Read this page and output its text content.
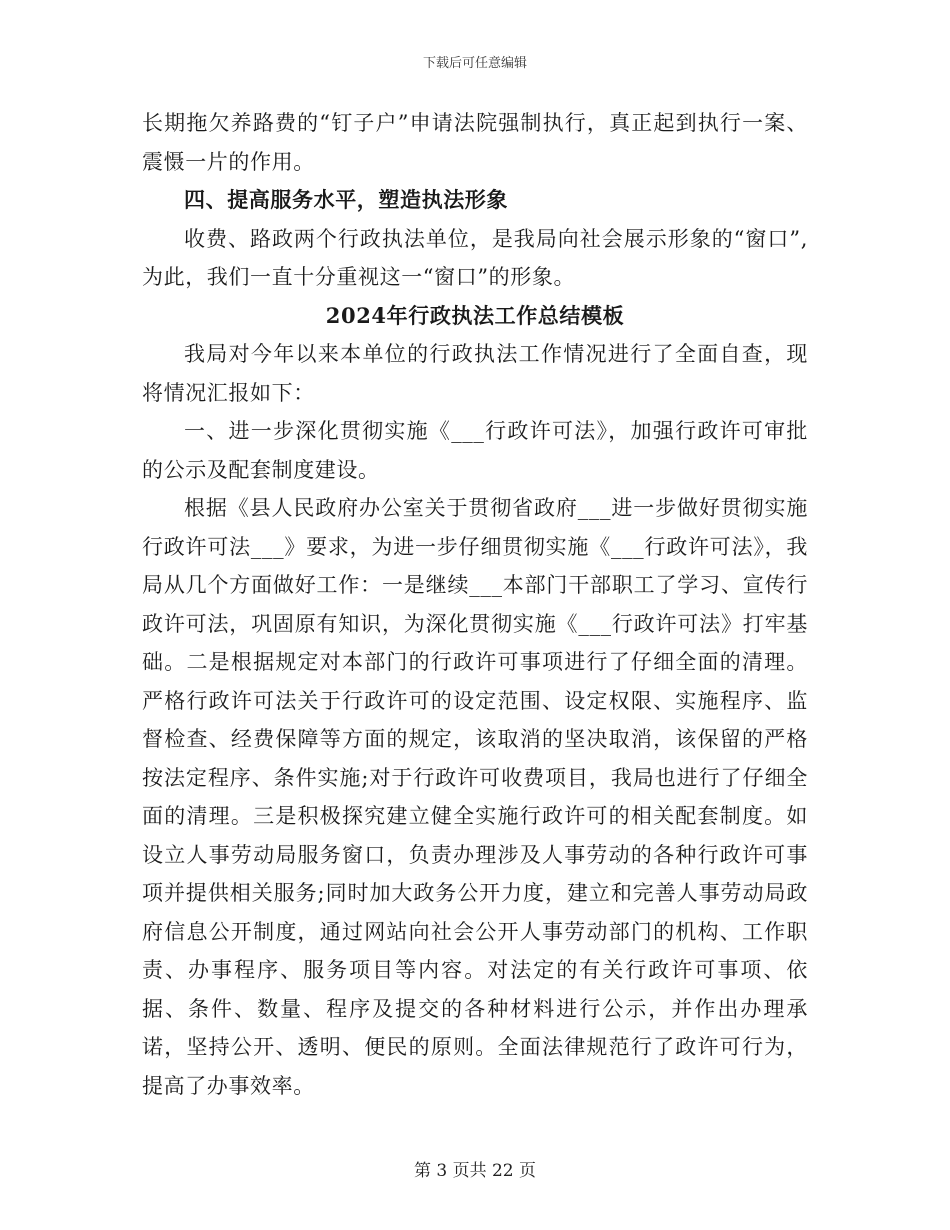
下载后可任意编辑

长期拖欠养路费的“钉子户”申请法院强制执行，真正起到执行一案、震慑一片的作用。

四、提高服务水平，塑造执法形象

收费、路政两个行政执法单位，是我局向社会展示形象的“窗口”,为此，我们一直十分重视这一“窗口”的形象。

2024年行政执法工作总结模板

我局对今年以来本单位的行政执法工作情况进行了全面自查，现将情况汇报如下：

一、进一步深化贯彻实施《___行政许可法》，加强行政许可审批的公示及配套制度建设。

根据《县人民政府办公室关于贯彻省政府___进一步做好贯彻实施行政许可法___》要求，为进一步仔细贯彻实施《___行政许可法》，我局从几个方面做好工作：一是继续___本部门干部职工了学习、宣传行政许可法，巩固原有知识，为深化贯彻实施《___行政许可法》打牢基础。二是根据规定对本部门的行政许可事项进行了仔细全面的清理。严格行政许可法关于行政许可的设定范围、设定权限、实施程序、监督检查、经费保障等方面的规定，该取消的坚决取消，该保留的严格按法定程序、条件实施;对于行政许可收费项目，我局也进行了仔细全面的清理。三是积极探究建立健全实施行政许可的相关配套制度。如设立人事劳动局服务窗口，负责办理涉及人事劳动的各种行政许可事项并提供相关服务;同时加大政务公开力度，建立和完善人事劳动局政府信息公开制度，通过网站向社会公开人事劳动部门的机构、工作职责、办事程序、服务项目等内容。对法定的有关行政许可事项、依据、条件、数量、程序及提交的各种材料进行公示，并作出办理承诺，坚持公开、透明、便民的原则。全面法律规范行了政许可行为，提高了办事效率。

第 3 页共 22 页
